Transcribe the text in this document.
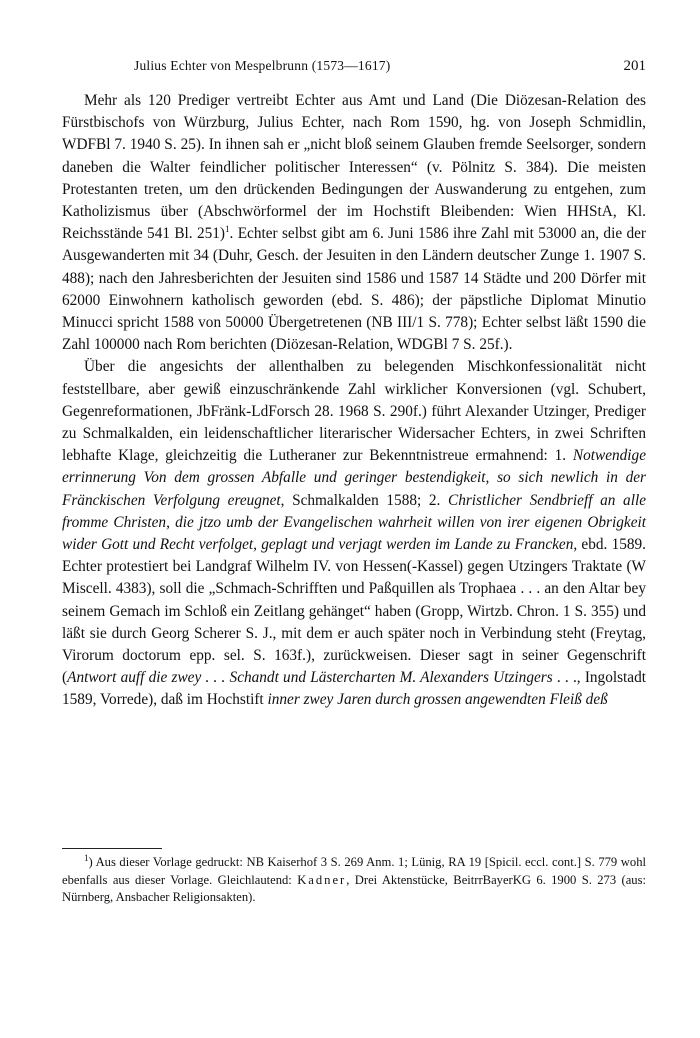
Julius Echter von Mespelbrunn (1573—1617)	201

Mehr als 120 Prediger vertreibt Echter aus Amt und Land (Die Diözesan-Relation des Fürstbischofs von Würzburg, Julius Echter, nach Rom 1590, hg. von Joseph Schmidlin, WDFBl 7. 1940 S. 25). In ihnen sah er „nicht bloß seinem Glauben fremde Seelsorger, sondern daneben die Walter feindlicher politischer Interessen“ (v. Pölnitz S. 384). Die meisten Protestanten treten, um den drückenden Bedingungen der Auswanderung zu entgehen, zum Katholizismus über (Abschwörformel der im Hochstift Bleibenden: Wien HHStA, Kl. Reichsstände 541 Bl. 251)$^1$. Echter selbst gibt am 6. Juni 1586 ihre Zahl mit 53000 an, die der Ausgewanderten mit 34 (Duhr, Gesch. der Jesuiten in den Ländern deutscher Zunge 1. 1907 S. 488); nach den Jahresberichten der Jesuiten sind 1586 und 1587 14 Städte und 200 Dörfer mit 62000 Einwohnern katholisch geworden (ebd. S. 486); der päpstliche Diplomat Minutio Minucci spricht 1588 von 50000 Übergetretenen (NB III/1 S. 778); Echter selbst läßt 1590 die Zahl 100000 nach Rom berichten (Diözesan-Relation, WDGBl 7 S. 25f.).

Über die angesichts der allenthalben zu belegenden Mischkonfessionalität nicht feststellbare, aber gewiß einzuschränkende Zahl wirklicher Konversionen (vgl. Schubert, Gegenreformationen, JbFränk-LdForsch 28. 1968 S. 290f.) führt Alexander Utzinger, Prediger zu Schmalkalden, ein leidenschaftlicher literarischer Widersacher Echters, in zwei Schriften lebhafte Klage, gleichzeitig die Lutheraner zur Bekenntnistreue ermahnend: 1. Notwendige errinnerung Von dem grossen Abfalle und geringer bestendigkeit, so sich newlich in der Fränckischen Verfolgung ereugnet, Schmalkalden 1588; 2. Christlicher Sendbrieff an alle fromme Christen, die jtzo umb der Evangelischen wahrheit willen von irer eigenen Obrigkeit wider Gott und Recht verfolget, geplagt und verjagt werden im Lande zu Francken, ebd. 1589. Echter protestiert bei Landgraf Wilhelm IV. von Hessen(-Kassel) gegen Utzingers Traktate (W Miscell. 4383), soll die „Schmach-Schrifften und Paßquillen als Trophaea . . . an den Altar bey seinem Gemach im Schloß ein Zeitlang gehänget“ haben (Gropp, Wirtzb. Chron. 1 S. 355) und läßt sie durch Georg Scherer S. J., mit dem er auch später noch in Verbindung steht (Freytag, Virorum doctorum epp. sel. S. 163f.), zurückweisen. Dieser sagt in seiner Gegenschrift (Antwort auff die zwey . . . Schandt und Lästercharten M. Alexanders Utzingers . . ., Ingolstadt 1589, Vorrede), daß im Hochstift inner zwey Jaren durch grossen angewendten Fleiß deß

$^1$) Aus dieser Vorlage gedruckt: NB Kaiserhof 3 S. 269 Anm. 1; Lünig, RA 19 [Spicil. eccl. cont.] S. 779 wohl ebenfalls aus dieser Vorlage. Gleichlautend: Kadner, Drei Aktenstücke, BeitrrBayerKG 6. 1900 S. 273 (aus: Nürnberg, Ansbacher Religionsakten).
